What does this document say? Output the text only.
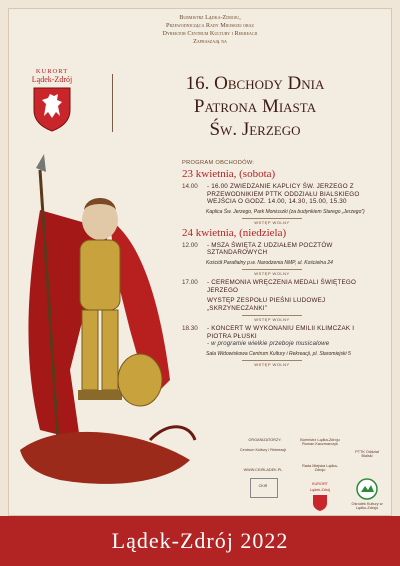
Burmistrz Lądka-Zdroju,
Przewodnicząca Rady Miejskiej oraz
Dyrektor Centrum Kultury i Rekreacji
Zapraszają na
KURORT
Lądek-Zdrój	16. Obchody Dnia
Patrona Miasta
Św. Jerzego
PROGRAM OBCHODÓW:
23 kwietnia, (sobota)
14.00	- 16.00 ZWIEDZANIE KAPLICY ŚW. JERZEGO Z PRZEWODNIKIEM PTTK ODDZIAŁU BIALSKIEGO WEJŚCIA O GODZ. 14.00, 14.30, 15.00, 15.30
Kaplica Św. Jerzego, Park Moniuszki (za budynkiem Starego „Jerzego”)
WSTĘP WOLNY
24 kwietnia, (niedziela)
12.00	- MSZA ŚWIĘTA Z UDZIAŁEM POCZTÓW SZTANDAROWYCH
Kościół Parafialny p.w. Narodzenia NMP, ul. Kościelna 24
WSTĘP WOLNY
17.00	- CEREMONIA WRĘCZENIA MEDALI ŚWIĘTEGO JERZEGO
WYSTĘP ZESPOŁU PIEŚNI LUDOWEJ „SKRZYNECZANKI”
WSTĘP WOLNY
18.30	- KONCERT W WYKONANIU EMILII KLIMCZAK I PIOTRA PŁUSKI
- w programie wielkie przeboje musicalowe
Sala Widowiskowa Centrum Kultury i Rekreacji, pl. Staromiejski 5
WSTĘP WOLNY
ORGANIZATORZY:
Centrum Kultury i Rekreacji
WWW.CKIRLADEK.PL
CKiR
Burmistrz Lądka-Zdroju Roman Kaczmarczyk
Rada Miejska Lądka-Zdroju
KURORT
Lądek-Zdrój
PTTK Oddział Bialski
Ośrodek Kultury w Lądku-Zdroju
Lądek-Zdrój 2022
